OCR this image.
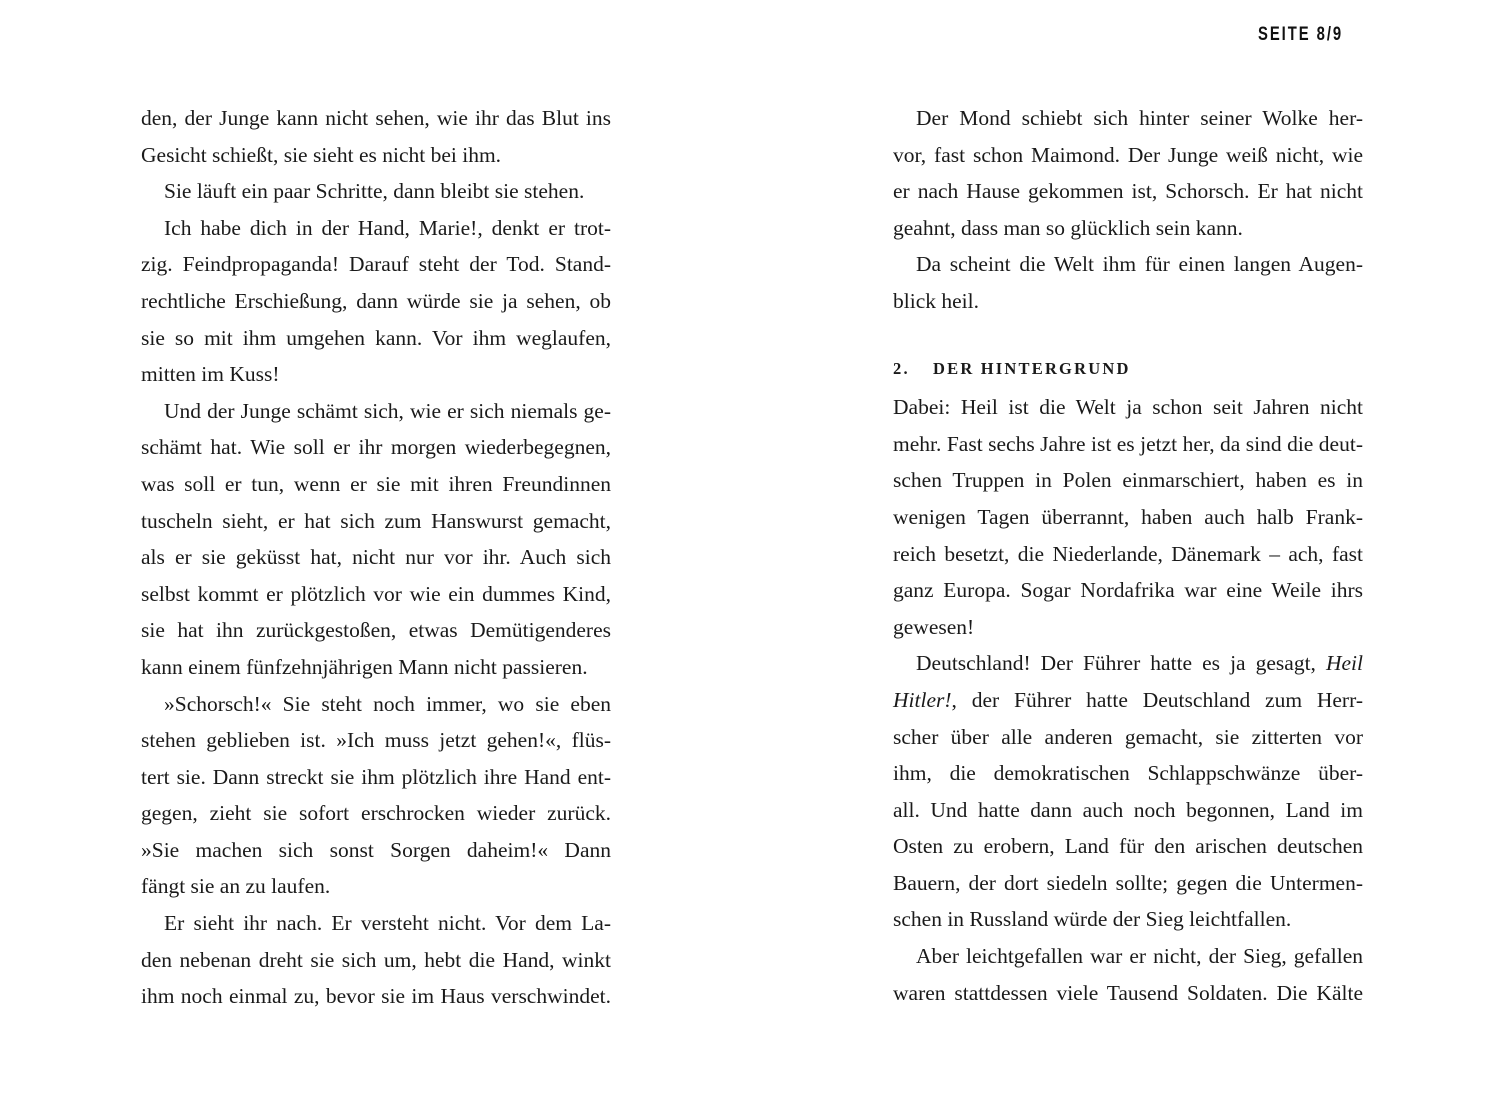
SEITE 8/9
den, der Junge kann nicht sehen, wie ihr das Blut ins
Gesicht schießt, sie sieht es nicht bei ihm.
Sie läuft ein paar Schritte, dann bleibt sie stehen.
Ich habe dich in der Hand, Marie!, denkt er trot-
zig. Feindpropaganda! Darauf steht der Tod. Stand-
rechtliche Erschießung, dann würde sie ja sehen, ob
sie so mit ihm umgehen kann. Vor ihm weglaufen,
mitten im Kuss!
Und der Junge schämt sich, wie er sich niemals ge-
schämt hat. Wie soll er ihr morgen wiederbegegnen,
was soll er tun, wenn er sie mit ihren Freundinnen
tuscheln sieht, er hat sich zum Hanswurst gemacht,
als er sie geküsst hat, nicht nur vor ihr. Auch sich
selbst kommt er plötzlich vor wie ein dummes Kind,
sie hat ihn zurückgestoßen, etwas Demütigenderes
kann einem fünfzehnjährigen Mann nicht passieren.
»Schorsch!« Sie steht noch immer, wo sie eben
stehen geblieben ist. »Ich muss jetzt gehen!«, flüs-
tert sie. Dann streckt sie ihm plötzlich ihre Hand ent-
gegen, zieht sie sofort erschrocken wieder zurück.
»Sie machen sich sonst Sorgen daheim!« Dann
fängt sie an zu laufen.
Er sieht ihr nach. Er versteht nicht. Vor dem La-
den nebenan dreht sie sich um, hebt die Hand, winkt
ihm noch einmal zu, bevor sie im Haus verschwindet.
Der Mond schiebt sich hinter seiner Wolke her-
vor, fast schon Maimond. Der Junge weiß nicht, wie
er nach Hause gekommen ist, Schorsch. Er hat nicht
geahnt, dass man so glücklich sein kann.
Da scheint die Welt ihm für einen langen Augen-
blick heil.
2. DER HINTERGRUND
Dabei: Heil ist die Welt ja schon seit Jahren nicht
mehr. Fast sechs Jahre ist es jetzt her, da sind die deut-
schen Truppen in Polen einmarschiert, haben es in
wenigen Tagen überrannt, haben auch halb Frank-
reich besetzt, die Niederlande, Dänemark – ach, fast
ganz Europa. Sogar Nordafrika war eine Weile ihrs
gewesen!
Deutschland! Der Führer hatte es ja gesagt, Heil
Hitler!, der Führer hatte Deutschland zum Herr-
scher über alle anderen gemacht, sie zitterten vor
ihm, die demokratischen Schlappschwänze über-
all. Und hatte dann auch noch begonnen, Land im
Osten zu erobern, Land für den arischen deutschen
Bauern, der dort siedeln sollte; gegen die Untermen-
schen in Russland würde der Sieg leichtfallen.
Aber leichtgefallen war er nicht, der Sieg, gefallen
waren stattdessen viele Tausend Soldaten. Die Kälte
